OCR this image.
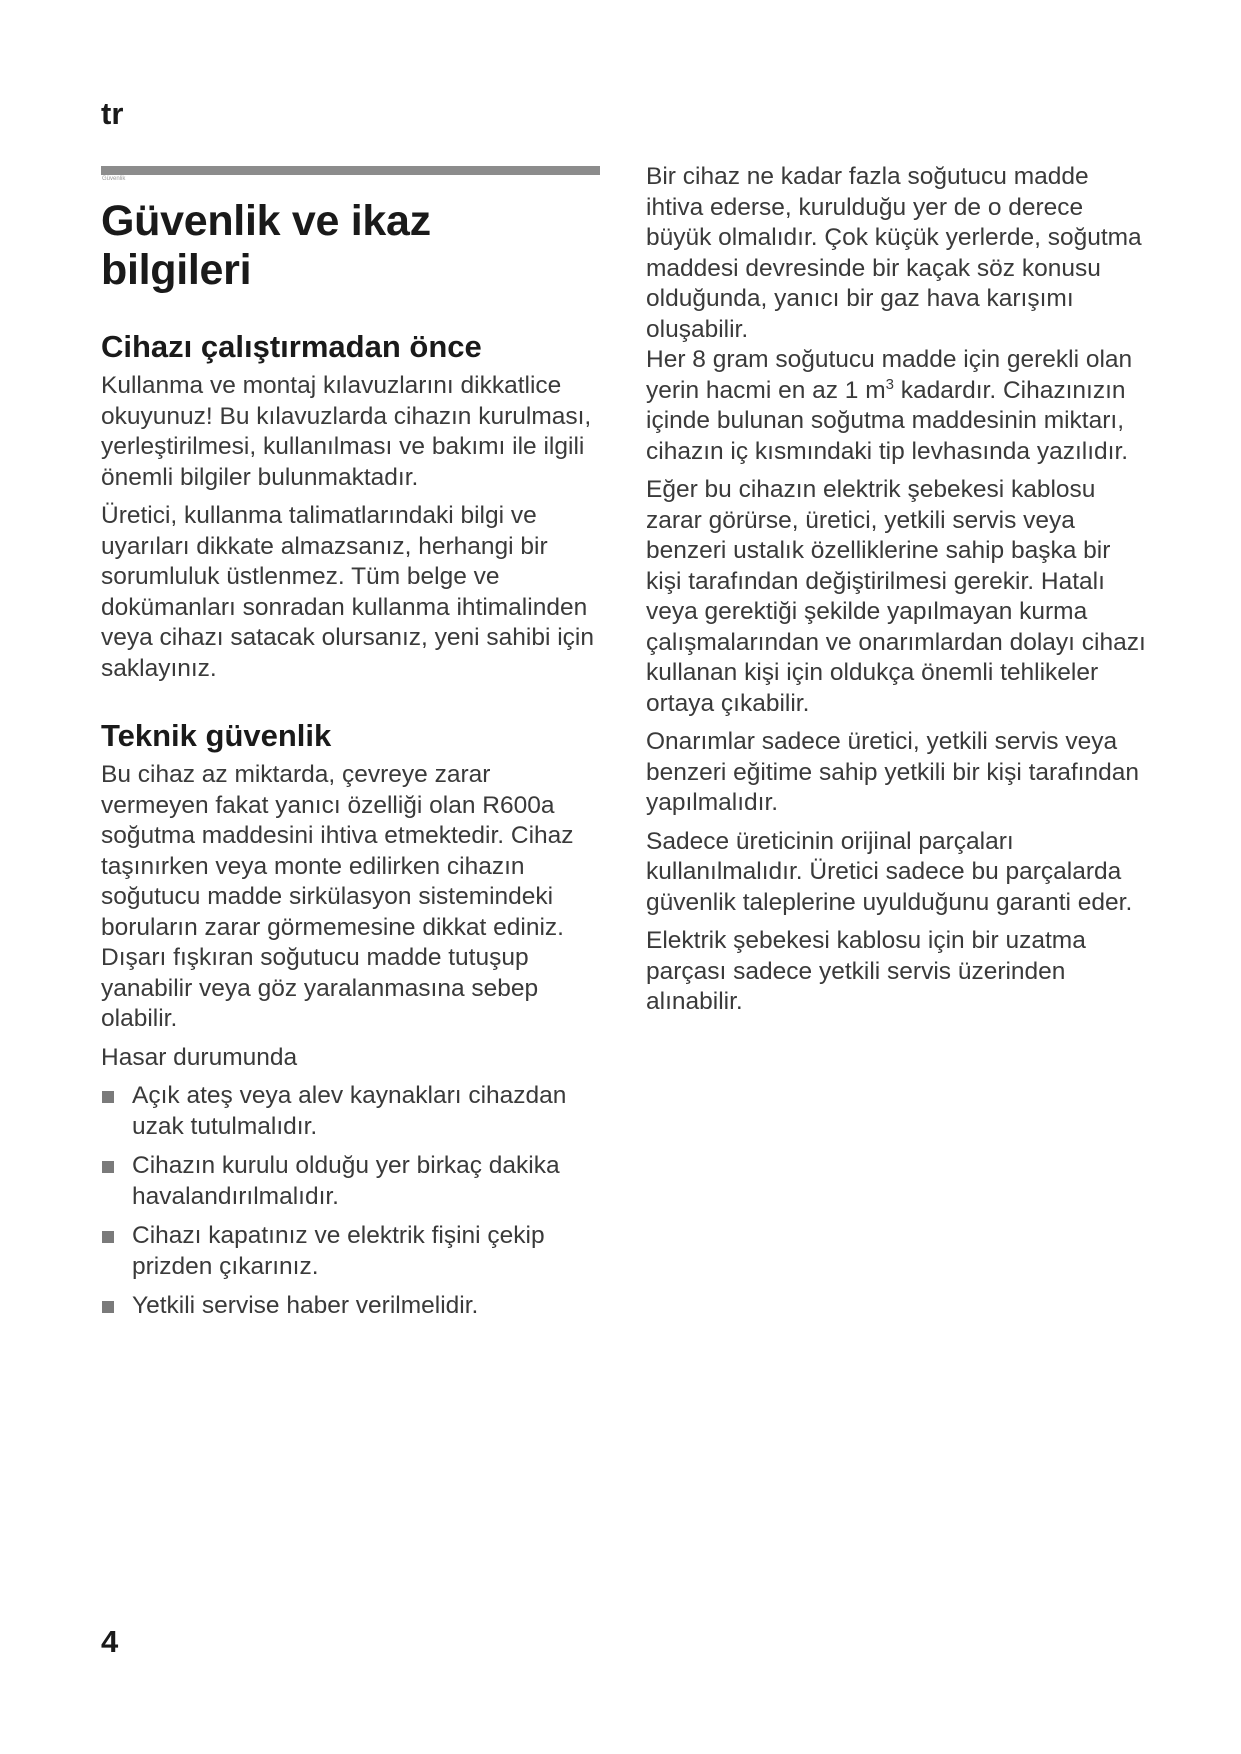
tr
Güvenlik
Güvenlik ve ikaz
bilgileri
Cihazı çalıştırmadan önce

Kullanma ve montaj kılavuzlarını dikkatlice okuyunuz! Bu kılavuzlarda cihazın kurulması, yerleştirilmesi, kullanılması ve bakımı ile ilgili önemli bilgiler bulunmaktadır.

Üretici, kullanma talimatlarındaki bilgi ve uyarıları dikkate almazsanız, herhangi bir sorumluluk üstlenmez. Tüm belge ve dokümanları sonradan kullanma ihtimalinden veya cihazı satacak olursanız, yeni sahibi için saklayınız.

Teknik güvenlik

Bu cihaz az miktarda, çevreye zarar vermeyen fakat yanıcı özelliği olan R600a soğutma maddesini ihtiva etmektedir. Cihaz taşınırken veya monte edilirken cihazın soğutucu madde sirkülasyon sistemindeki boruların zarar görmemesine dikkat ediniz. Dışarı fışkıran soğutucu madde tutuşup yanabilir veya göz yaralanmasına sebep olabilir.

Hasar durumunda

Açık ateş veya alev kaynakları cihazdan uzak tutulmalıdır.
Cihazın kurulu olduğu yer birkaç dakika havalandırılmalıdır.
Cihazı kapatınız ve elektrik fişini çekip prizden çıkarınız.
Yetkili servise haber verilmelidir.

Bir cihaz ne kadar fazla soğutucu madde ihtiva ederse, kurulduğu yer de o derece büyük olmalıdır. Çok küçük yerlerde, soğutma maddesi devresinde bir kaçak söz konusu olduğunda, yanıcı bir gaz hava karışımı oluşabilir.

Her 8 gram soğutucu madde için gerekli olan yerin hacmi en az 1 $m^3$ kadardır. Cihazınızın içinde bulunan soğutma maddesinin miktarı, cihazın iç kısmındaki tip levhasında yazılıdır.

Eğer bu cihazın elektrik şebekesi kablosu zarar görürse, üretici, yetkili servis veya benzeri ustalık özelliklerine sahip başka bir kişi tarafından değiştirilmesi gerekir. Hatalı veya gerektiği şekilde yapılmayan kurma çalışmalarından ve onarımlardan dolayı cihazı kullanan kişi için oldukça önemli tehlikeler ortaya çıkabilir.

Onarımlar sadece üretici, yetkili servis veya benzeri eğitime sahip yetkili bir kişi tarafından yapılmalıdır.

Sadece üreticinin orijinal parçaları kullanılmalıdır. Üretici sadece bu parçalarda güvenlik taleplerine uyulduğunu garanti eder.

Elektrik şebekesi kablosu için bir uzatma parçası sadece yetkili servis üzerinden alınabilir.

4
